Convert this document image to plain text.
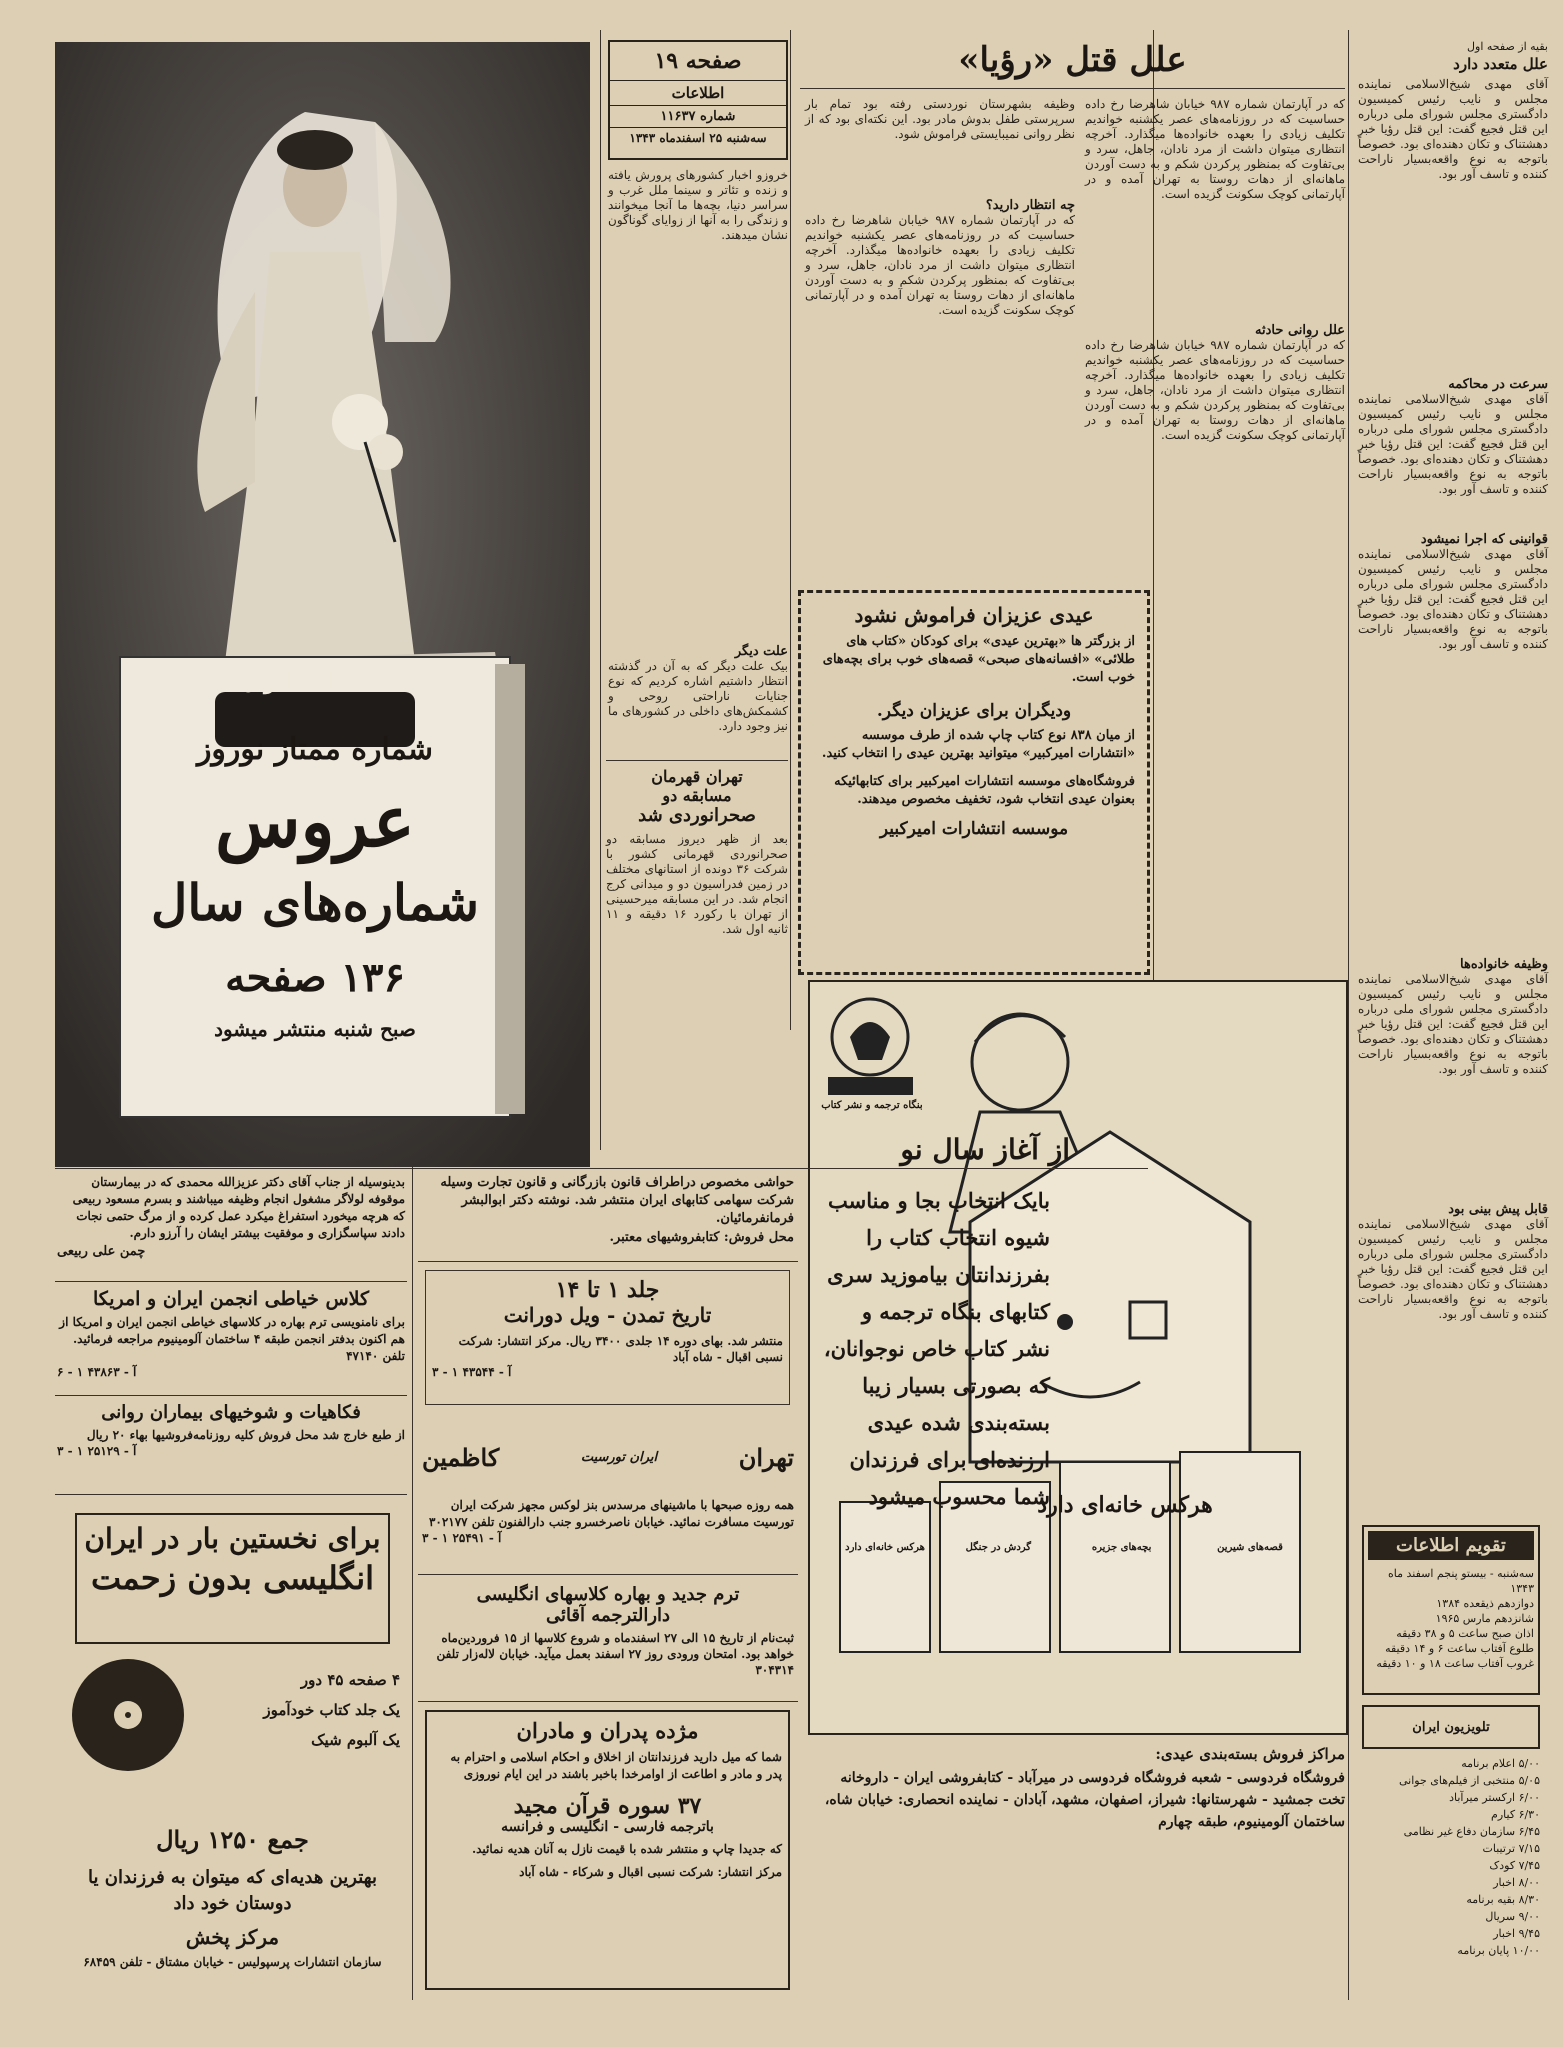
بقیه از صفحه اول
علل متعدد دارد
آقای مهدی شیخ‌الاسلامی نماینده مجلس و نایب رئیس کمیسیون دادگستری مجلس شورای ملی درباره این قتل فجیع گفت: این قتل رؤیا خبر دهشتناک و تکان دهنده‌ای بود. خصوصاً باتوجه به نوع واقعه‌بسیار ناراحت کننده و تاسف آور بود.
سرعت در محاکمه
آقای مهدی شیخ‌الاسلامی نماینده مجلس و نایب رئیس کمیسیون دادگستری مجلس شورای ملی درباره این قتل فجیع گفت: این قتل رؤیا خبر دهشتناک و تکان دهنده‌ای بود. خصوصاً باتوجه به نوع واقعه‌بسیار ناراحت کننده و تاسف آور بود.
قوانینی که اجرا نمیشود
آقای مهدی شیخ‌الاسلامی نماینده مجلس و نایب رئیس کمیسیون دادگستری مجلس شورای ملی درباره این قتل فجیع گفت: این قتل رؤیا خبر دهشتناک و تکان دهنده‌ای بود. خصوصاً باتوجه به نوع واقعه‌بسیار ناراحت کننده و تاسف آور بود.
وظیفه خانواده‌ها
آقای مهدی شیخ‌الاسلامی نماینده مجلس و نایب رئیس کمیسیون دادگستری مجلس شورای ملی درباره این قتل فجیع گفت: این قتل رؤیا خبر دهشتناک و تکان دهنده‌ای بود. خصوصاً باتوجه به نوع واقعه‌بسیار ناراحت کننده و تاسف آور بود.
قابل پیش بینی بود
آقای مهدی شیخ‌الاسلامی نماینده مجلس و نایب رئیس کمیسیون دادگستری مجلس شورای ملی درباره این قتل فجیع گفت: این قتل رؤیا خبر دهشتناک و تکان دهنده‌ای بود. خصوصاً باتوجه به نوع واقعه‌بسیار ناراحت کننده و تاسف آور بود.
تقویم اطلاعات
سه‌شنبه - بیستو پنجم اسفند ماه ۱۳۴۳
دوازدهم ذیقعده ۱۳۸۴
شانزدهم مارس ۱۹۶۵
اذان صبح ساعت ۵ و ۳۸ دقیقه
طلوع آفتاب ساعت ۶ و ۱۴ دقیقه
غروب آفتاب ساعت ۱۸ و ۱۰ دقیقه
تلویزیون ایران
۵/۰۰ اعلام برنامه
۵/۰۵ منتخبی از فیلم‌های جوانی
۶/۰۰ ارکستر میرآباد
۶/۳۰ کیارم
۶/۴۵ سازمان دفاع غیر نظامی
۷/۱۵ ترتیبات
۷/۴۵ کودک
۸/۰۰ اخبار
۸/۳۰ بقیه برنامه
۹/۰۰ سریال
۹/۴۵ اخبار
۱۰/۰۰ پایان برنامه
علل قتل «رؤیا»
که در آپارتمان شماره ۹۸۷ خیابان شاهرضا رخ داده حساسیت که در روزنامه‌های عصر یکشنبه خواندیم تکلیف زیادی را بعهده خانواده‌ها میگذارد. آخرچه انتظاری میتوان داشت از مرد نادان، جاهل، سرد و بی‌تفاوت که بمنظور پرکردن شکم و به دست آوردن ماهانه‌ای از دهات روستا به تهران آمده و در آپارتمانی کوچک سکونت گزیده است.
علل روانی حادثه
که در آپارتمان شماره ۹۸۷ خیابان شاهرضا رخ داده حساسیت که در روزنامه‌های عصر یکشنبه خواندیم تکلیف زیادی را بعهده خانواده‌ها میگذارد. آخرچه انتظاری میتوان داشت از مرد نادان، جاهل، سرد و بی‌تفاوت که بمنظور پرکردن شکم و به دست آوردن ماهانه‌ای از دهات روستا به تهران آمده و در آپارتمانی کوچک سکونت گزیده است.
وظیفه بشهرستان نوردستی رفته بود تمام بار سرپرستی طفل بدوش مادر بود. این نکته‌ای بود که از نظر روانی نمیبایستی فراموش شود.
چه انتظار دارید؟
که در آپارتمان شماره ۹۸۷ خیابان شاهرضا رخ داده حساسیت که در روزنامه‌های عصر یکشنبه خواندیم تکلیف زیادی را بعهده خانواده‌ها میگذارد. آخرچه انتظاری میتوان داشت از مرد نادان، جاهل، سرد و بی‌تفاوت که بمنظور پرکردن شکم و به دست آوردن ماهانه‌ای از دهات روستا به تهران آمده و در آپارتمانی کوچک سکونت گزیده است.
صفحه ۱۹
اطلاعات
شماره ۱۱۶۳۷
سه‌شنبه ۲۵ اسفندماه ۱۳۴۳
خروزو اخبار کشورهای پرورش یافته و زنده و تئاتر و سینما ملل غرب و سراسر دنیا، بچه‌ها ما آنجا میخوانند و زندگی را به آنها از زوایای گوناگون نشان میدهند.
علت دیگر
بیک علت دیگر که به آن در گذشته انتظار داشتیم اشاره کردیم که نوع جنایات ناراحتی روحی و کشمکش‌های داخلی در کشورهای ما نیز وجود دارد.
تهران قهرمان
مسابقه دو
صحرانوردی شد
بعد از ظهر دیروز مسابقه دو صحرانوردی قهرمانی کشور با شرکت ۳۶ دونده از استانهای مختلف در زمین فدراسیون دو و میدانی کرج انجام شد. در این مسابقه میرحسینی از تهران با رکورد ۱۶ دقیقه و ۱۱ ثانیه اول شد.
عیدی عزیزان فراموش نشود
از بزرگتر ها «بهترین عیدی» برای کودکان «کتاب های طلائی» «افسانه‌های صبحی» قصه‌های خوب برای بچه‌های خوب است.
وديگران برای عزیزان دیگر.
از میان ۸۳۸ نوع کتاب چاپ شده از طرف موسسه «انتشارات امیرکبیر» میتوانید بهترین عیدی را انتخاب کنید.
فروشگاه‌های موسسه انتشارات امیرکبیر برای کتابهائیکه بعنوان عیدی انتخاب شود، تخفیف مخصوص میدهند.
موسسه انتشارات امیرکبیر
اطلاعات بانوان
شماره ممتاز نوروز
عروس
شماره‌های سال
۱۳۶ صفحه
صبح شنبه منتشر میشود
بنگاه ترجمه و نشر کتاب
از آغاز سال نو
بایک انتخاب بجا و مناسب شیوه انتخاب کتاب را بفرزندانتان بیاموزید سری کتابهای بنگاه ترجمه و نشر کتاب خاص نوجوانان، که بصورتی بسیار زیبا بسته‌بندی شده عیدی ارزنده‌ای برای فرزندان شما محسوب میشود
هرکس خانه‌ای دارد
هرکس خانه‌ای دارد	گردش در جنگل	بچه‌های جزیره	قصه‌های شیرین
مراکز فروش بسته‌بندی عیدی:
فروشگاه فردوسی - شعبه فروشگاه فردوسی در میرآباد - کتابفروشی ایران - داروخانه تخت جمشید - شهرستانها: شیراز، اصفهان، مشهد، آبادان - نماینده انحصاری: خیابان شاه، ساختمان آلومینیوم، طبقه چهارم
بدینوسیله از جناب آقای دکتر عزیزالله محمدی که در بیمارستان موقوفه لولاگر مشغول انجام وظیفه میباشند و بسرم مسعود ربیعی که هرچه میخورد استفراغ میکرد عمل کرده و از مرگ حتمی نجات دادند سپاسگزاری و موفقیت بیشتر ایشان را آرزو دارم.
چمن علی ربیعی
کلاس خیاطی انجمن ایران و امریکا
برای نامنویسی ترم بهاره در کلاسهای خیاطی انجمن ایران و امریکا از هم اکنون بدفتر انجمن طبقه ۴ ساختمان آلومینیوم مراجعه فرمائید. تلفن ۴۷۱۴۰
آ - ۴۳۸۶۳ ۱ - ۶
فکاهیات و شوخیهای بیماران روانی
از طبع خارج شد محل فروش کلیه روزنامه‌فروشیها بهاء ۲۰ ریال
آ - ۲۵۱۲۹ ۱ - ۳
برای نخستین بار در ایران
انگلیسی بدون زحمت
۴ صفحه ۴۵ دور
یک جلد کتاب خودآموز
یک آلبوم شیک
جمع ۱۲۵۰ ریال
بهترین هدیه‌ای که میتوان به فرزندان یا دوستان خود داد
مرکز پخش
سازمان انتشارات پرسپولیس - خیابان مشتاق - تلفن ۶۸۴۵۹
حواشی مخصوص دراطراف قانون بازرگانی و قانون تجارت وسیله شرکت سهامی کتابهای ایران منتشر شد. نوشته دکتر ابوالبشر فرمانفرمائیان.
محل فروش: کتابفروشیهای معتبر.
جلد ۱ تا ۱۴
تاریخ تمدن - ویل دورانت
منتشر شد. بهای دوره ۱۴ جلدی ۳۴۰۰ ریال. مرکز انتشار: شرکت نسبی اقبال - شاه آباد
آ - ۴۳۵۴۴ ۱ - ۳
تهران
ایران تورسیت
کاظمین
همه روزه صبحها با ماشینهای مرسدس بنز لوکس مجهز شرکت ایران تورسیت مسافرت نمائید. خیابان ناصرخسرو جنب دارالفنون تلفن ۳۰۲۱۷۷
آ - ۲۵۴۹۱ ۱ - ۳
ترم جدید و بهاره کلاسهای انگلیسی
دارالترجمه آقائی
ثبت‌نام از تاریخ ۱۵ الی ۲۷ اسفندماه و شروع کلاسها از ۱۵ فروردین‌ماه خواهد بود. امتحان ورودی روز ۲۷ اسفند بعمل میآید. خیابان لاله‌زار تلفن ۳۰۴۳۱۴
مژده پدران و مادران
شما که میل دارید فرزندانتان از اخلاق و احکام اسلامی و احترام به پدر و مادر و اطاعت از اوامرخدا باخبر باشند در این ایام نوروزی
۳۷ سوره قرآن مجید
باترجمه فارسی - انگلیسی و فرانسه
که جدیدا چاپ و منتشر شده با قیمت نازل به آنان هدیه نمائید.
مرکز انتشار: شرکت نسبی اقبال و شرکاء - شاه آباد
